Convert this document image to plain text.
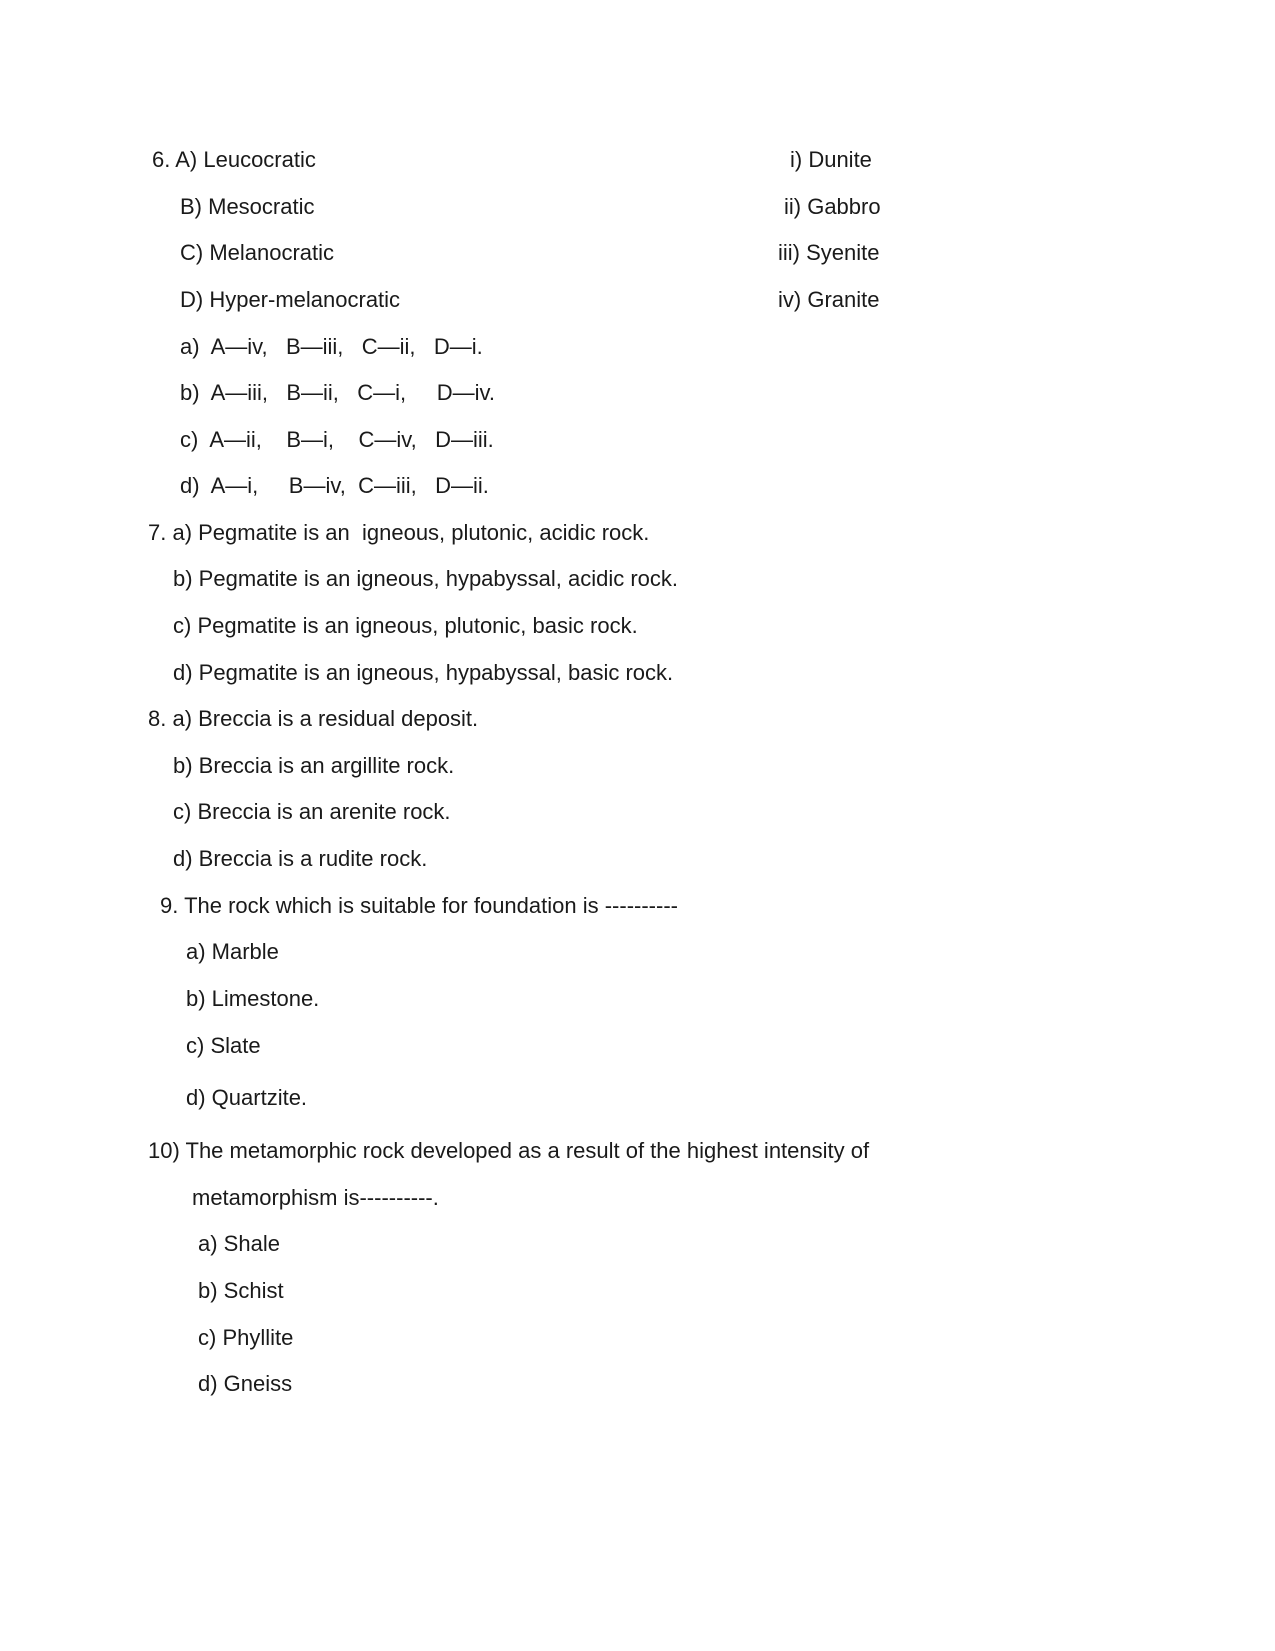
6. A) Leucocratic
B) Mesocratic
C) Melanocratic
D) Hyper-melanocratic
i) Dunite
ii) Gabbro
iii) Syenite
iv) Granite
a)  A—iv,   B—iii,   C—ii,   D—i.
b)  A—iii,   B—ii,   C—i,     D—iv.
c)  A—ii,    B—i,    C—iv,   D—iii.
d)  A—i,     B—iv,  C—iii,   D—ii.
7. a) Pegmatite is an  igneous, plutonic, acidic rock.
b) Pegmatite is an igneous, hypabyssal, acidic rock.
c) Pegmatite is an igneous, plutonic, basic rock.
d) Pegmatite is an igneous, hypabyssal, basic rock.
8. a) Breccia is a residual deposit.
b) Breccia is an argillite rock.
c) Breccia is an arenite rock.
d) Breccia is a rudite rock.
9. The rock which is suitable for foundation is ----------
a) Marble
b) Limestone.
c) Slate
d) Quartzite.
10) The metamorphic rock developed as a result of the highest intensity of
metamorphism is----------.
a) Shale
b) Schist
c) Phyllite
d) Gneiss
